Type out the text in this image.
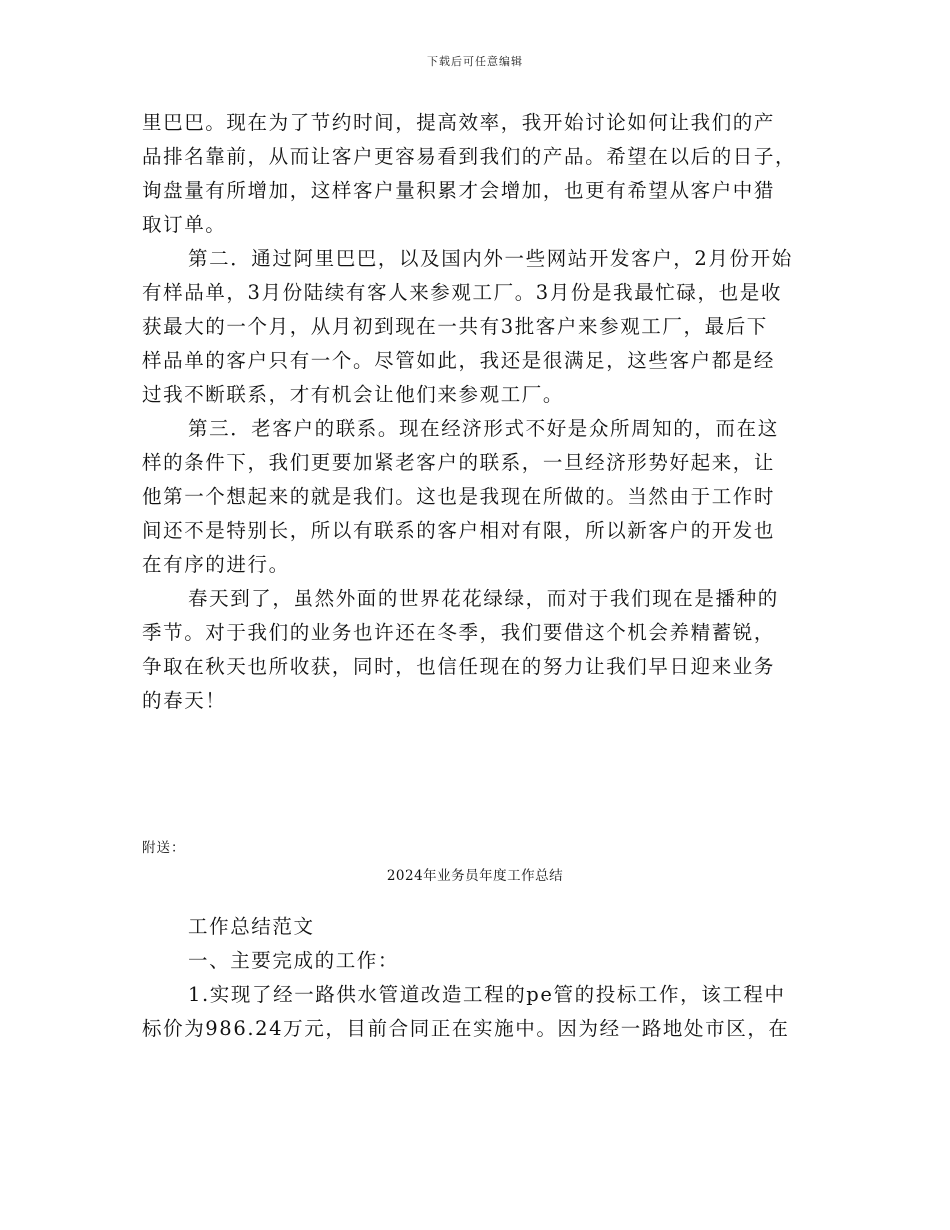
下载后可任意编辑
里巴巴。现在为了节约时间，提高效率，我开始讨论如何让我们的产
品排名靠前，从而让客户更容易看到我们的产品。希望在以后的日子，
询盘量有所增加，这样客户量积累才会增加，也更有希望从客户中猎
取订单。
第二．通过阿里巴巴，以及国内外一些网站开发客户，2月份开始
有样品单，3月份陆续有客人来参观工厂。3月份是我最忙碌，也是收
获最大的一个月，从月初到现在一共有3批客户来参观工厂，最后下
样品单的客户只有一个。尽管如此，我还是很满足，这些客户都是经
过我不断联系，才有机会让他们来参观工厂。
第三．老客户的联系。现在经济形式不好是众所周知的，而在这
样的条件下，我们更要加紧老客户的联系，一旦经济形势好起来，让
他第一个想起来的就是我们。这也是我现在所做的。当然由于工作时
间还不是特别长，所以有联系的客户相对有限，所以新客户的开发也
在有序的进行。
春天到了，虽然外面的世界花花绿绿，而对于我们现在是播种的
季节。对于我们的业务也许还在冬季，我们要借这个机会养精蓄锐，
争取在秋天也所收获，同时，也信任现在的努力让我们早日迎来业务
的春天！
附送：
2024年业务员年度工作总结
工作总结范文
一、主要完成的工作：
1.实现了经一路供水管道改造工程的pe管的投标工作，该工程中
标价为986.24万元，目前合同正在实施中。因为经一路地处市区，在
